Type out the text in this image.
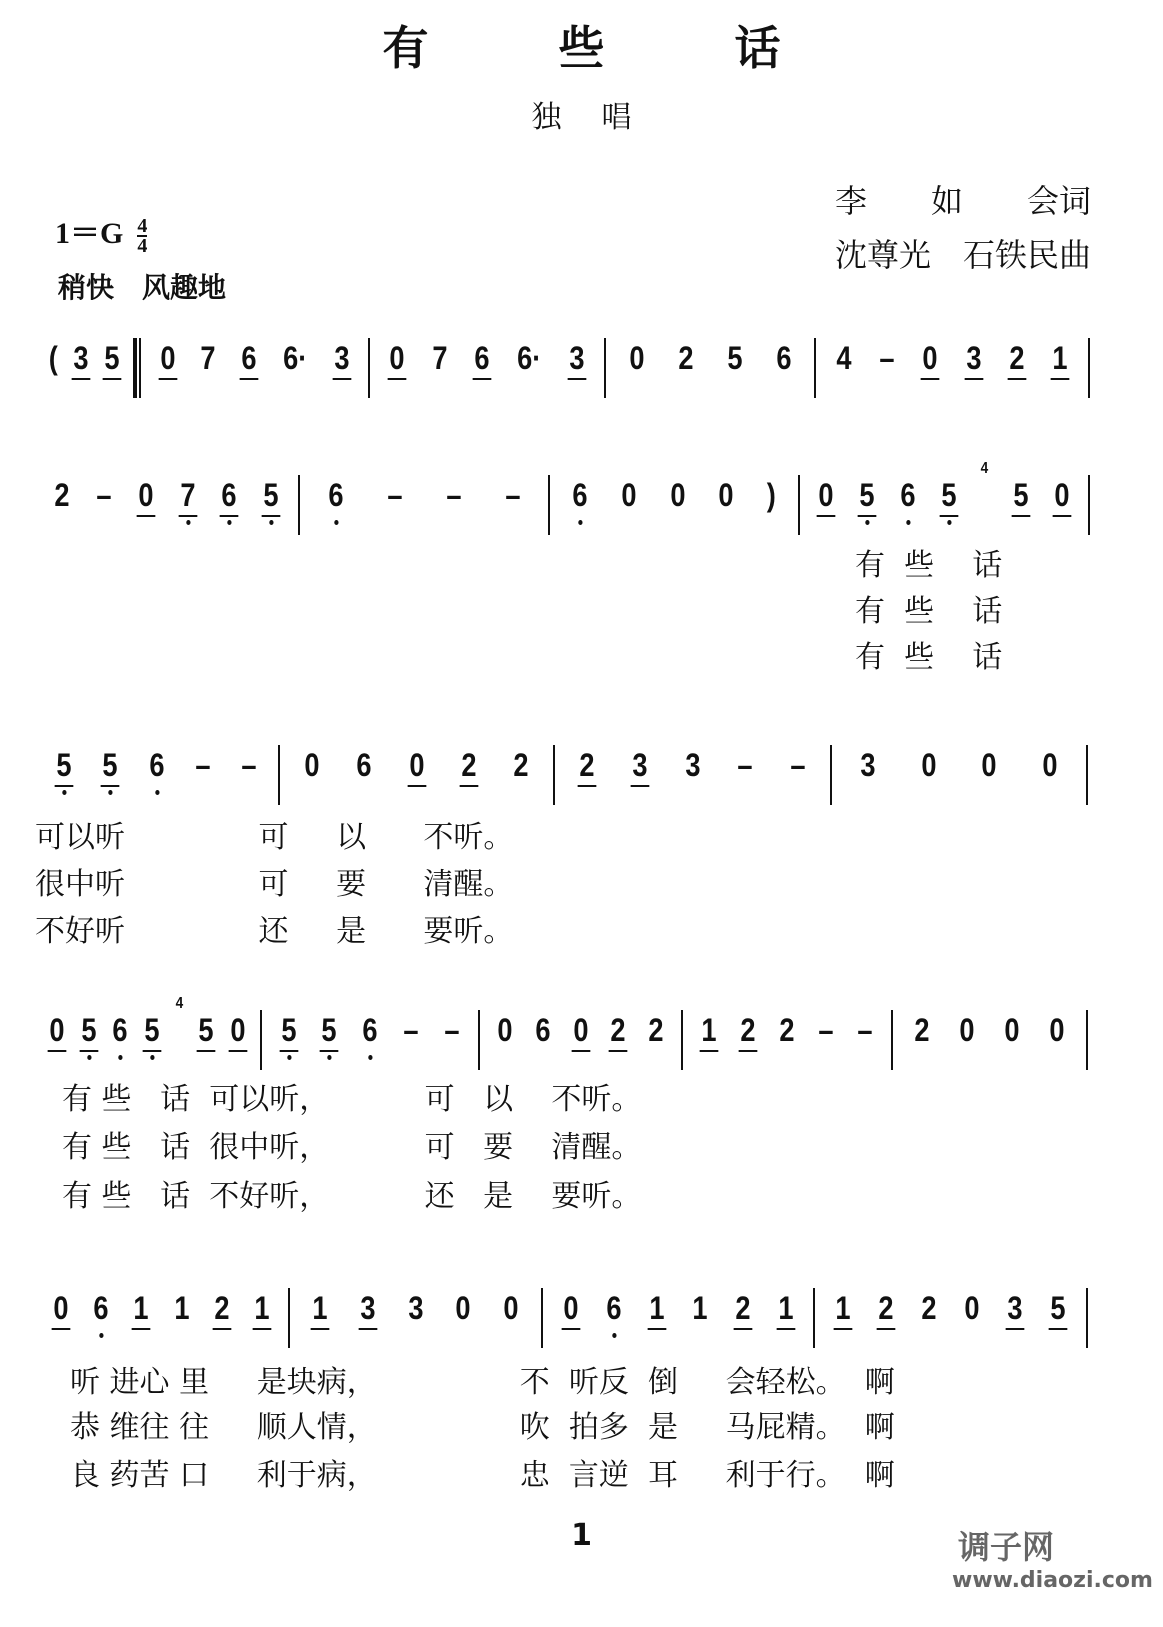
有些话
独唱
李　　如　　会词
沈尊光　石铁民曲
$1=G \frac{4}{4}$
稍快　风趣地
( 3 5 0 7 6 6· 3 0 7 6 6· 3 0 2 5 6 4 – 0 3 2 1
2 – 0 7 6 5 6 – – – 6 0 0 0 ) 0 5 6 5
4
5 0
5 5 6 – – 0 6 0 2 2 2 3 3 – – 3 0 0 0
0 5 6 5
4
5 0 5 5 6 – – 0 6 0 2 2 1 2 2 – – 2 0 0 0
0 6 1 1 2 1 1 3 3 0 0 0 6 1 1 2 1 1 2 2 0 3 5
有  些    话
有  些    话
有  些    话
可以听              可     以      不听。
很中听              可     要      清醒。
不好听              还     是      要听。
有 些   话  可以听，          可   以    不听。
有 些   话  很中听，          可   要    清醒。
有 些   话  不好听，          还   是    要听。
听 进心 里     是块病，               不  听反  倒     会轻松。  啊
恭 维往 往     顺人情，               吹  拍多  是     马屁精。  啊
良 药苦 口     利于病，               忠  言逆  耳     利于行。  啊
1	调子网
www.diaozi.com
